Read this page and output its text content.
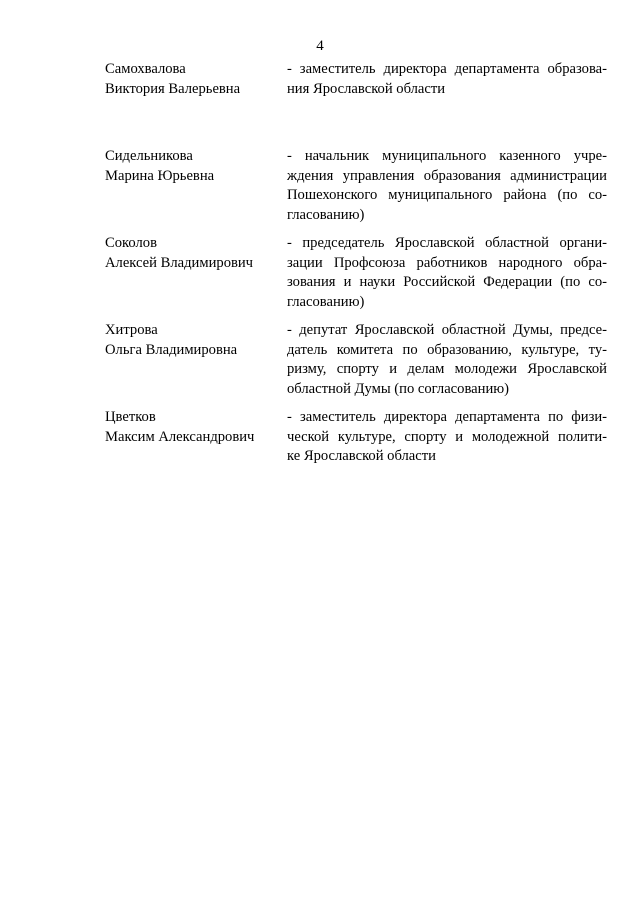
4
Самохвалова
Виктория Валерьевна
- заместитель директора департамента образова-
ния Ярославской области
Сидельникова
Марина Юрьевна
- начальник муниципального казенного учре-
ждения управления образования администрации
Пошехонского муниципального района (по со-
гласованию)
Соколов
Алексей Владимирович
- председатель Ярославской областной органи-
зации Профсоюза работников народного обра-
зования и науки Российской Федерации (по со-
гласованию)
Хитрова
Ольга Владимировна
- депутат Ярославской областной Думы, предсе-
датель комитета по образованию, культуре, ту-
ризму, спорту и делам молодежи Ярославской
областной Думы (по согласованию)
Цветков
Максим Александрович
- заместитель директора департамента по физи-
ческой культуре, спорту и молодежной полити-
ке Ярославской области
